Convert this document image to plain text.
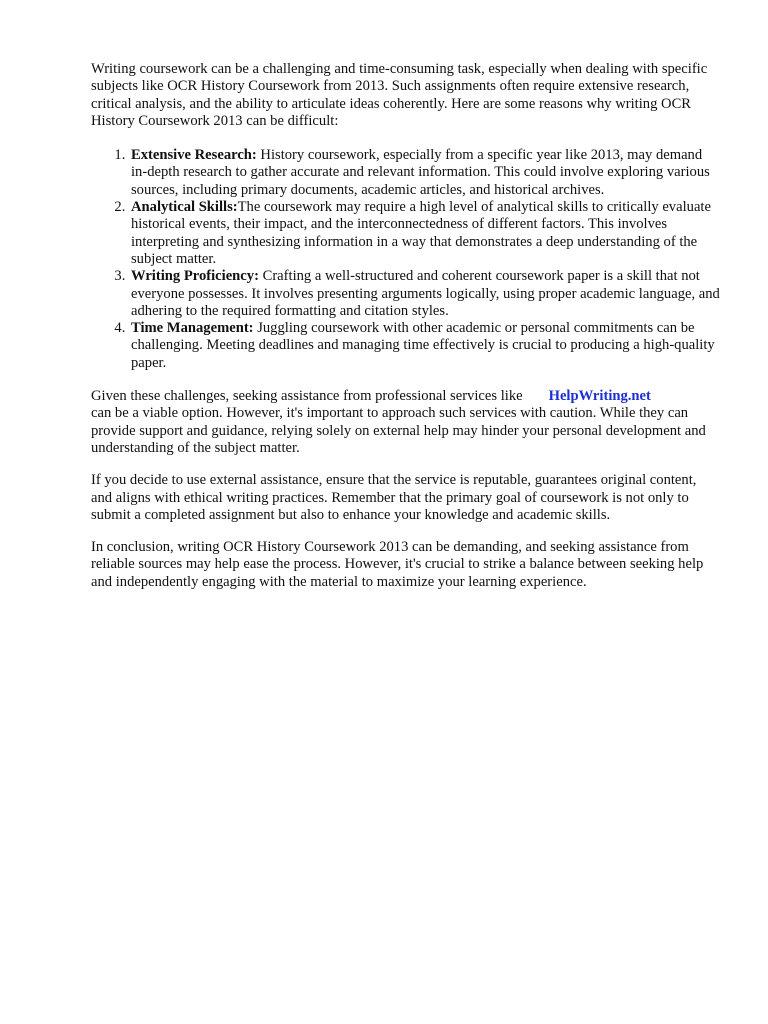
Writing coursework can be a challenging and time-consuming task, especially when dealing with specific subjects like OCR History Coursework from 2013. Such assignments often require extensive research, critical analysis, and the ability to articulate ideas coherently. Here are some reasons why writing OCR History Coursework 2013 can be difficult:

1. Extensive Research: History coursework, especially from a specific year like 2013, may demand in-depth research to gather accurate and relevant information. This could involve exploring various sources, including primary documents, academic articles, and historical archives.
2. Analytical Skills:The coursework may require a high level of analytical skills to critically evaluate historical events, their impact, and the interconnectedness of different factors. This involves interpreting and synthesizing information in a way that demonstrates a deep understanding of the subject matter.
3. Writing Proficiency: Crafting a well-structured and coherent coursework paper is a skill that not everyone possesses. It involves presenting arguments logically, using proper academic language, and adhering to the required formatting and citation styles.
4. Time Management: Juggling coursework with other academic or personal commitments can be challenging. Meeting deadlines and managing time effectively is crucial to producing a high-quality paper.

Given these challenges, seeking assistance from professional services like HelpWriting.net
can be a viable option. However, it's important to approach such services with caution. While they can provide support and guidance, relying solely on external help may hinder your personal development and understanding of the subject matter.

If you decide to use external assistance, ensure that the service is reputable, guarantees original content, and aligns with ethical writing practices. Remember that the primary goal of coursework is not only to submit a completed assignment but also to enhance your knowledge and academic skills.

In conclusion, writing OCR History Coursework 2013 can be demanding, and seeking assistance from reliable sources may help ease the process. However, it's crucial to strike a balance between seeking help and independently engaging with the material to maximize your learning experience.
